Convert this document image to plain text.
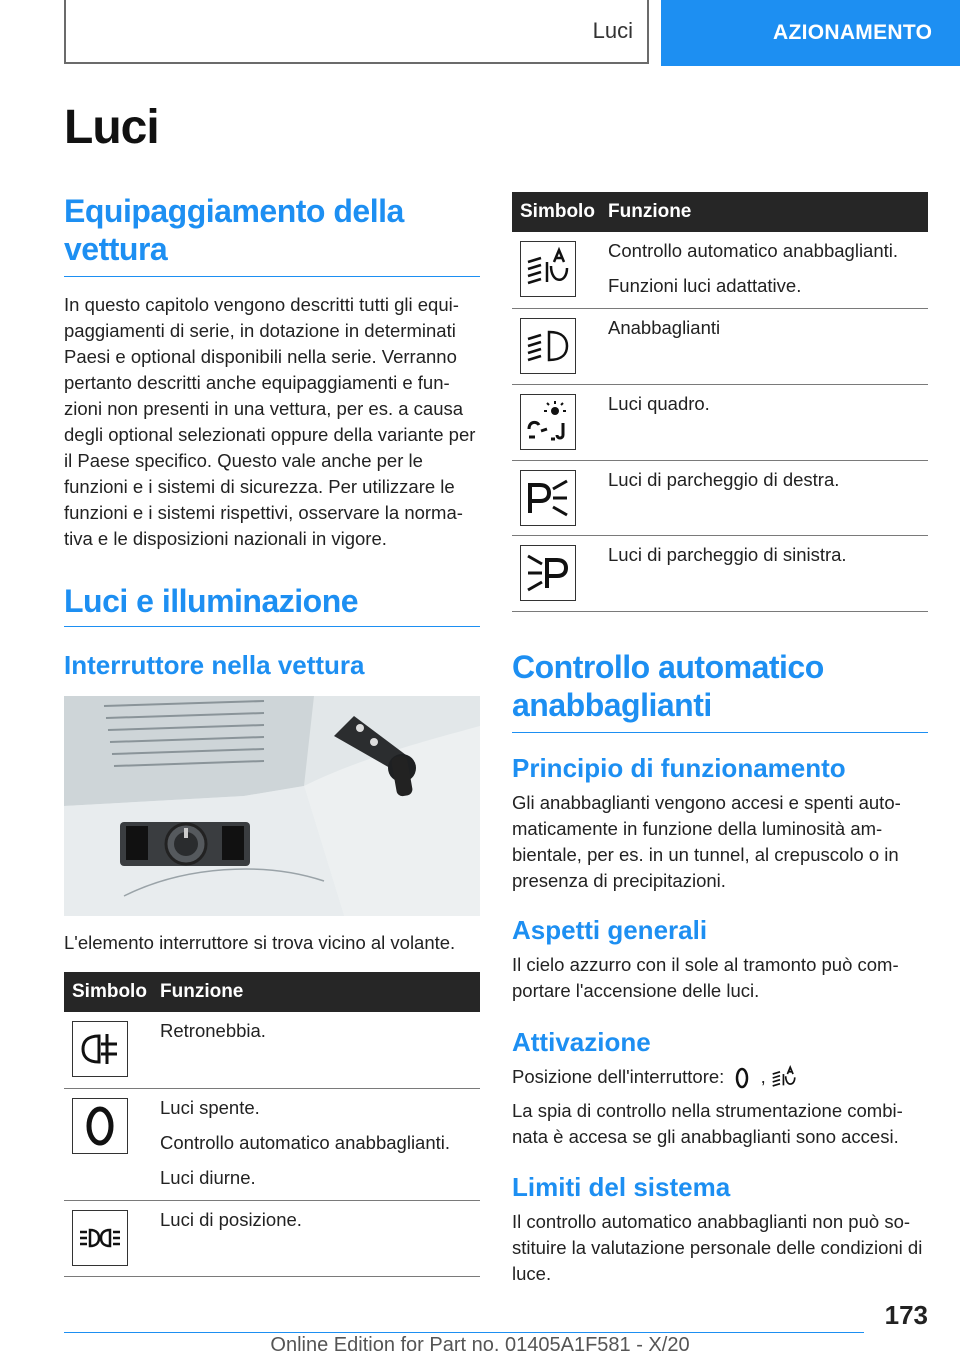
Luci	AZIONAMENTO
Luci
Equipaggiamento della vettura

In questo capitolo vengono descritti tutti gli equi-paggiamenti di serie, in dotazione in determinati Paesi e optional disponibili nella serie. Verranno pertanto descritti anche equipaggiamenti e fun-zioni non presenti in una vettura, per es. a causa degli optional selezionati oppure della variante per il Paese specifico. Questo vale anche per le funzioni e i sistemi di sicurezza. Per utilizzare le funzioni e i sistemi rispettivi, osservare la norma-tiva e le disposizioni nazionali in vigore.

Luci e illuminazione
Interruttore nella vettura

L'elemento interruttore si trova vicino al volante.

Simbolo	Funzione

Retronebbia.

Luci spente.
Controllo automatico anabbaglianti.
Luci diurne.

Luci di posizione.
Simbolo	Funzione

Controllo automatico anabbaglianti.
Funzioni luci adattative.

Anabbaglianti

Luci quadro.

Luci di parcheggio di destra.

Luci di parcheggio di sinistra.
Controllo automatico anabbaglianti
Principio di funzionamento

Gli anabbaglianti vengono accesi e spenti auto-maticamente in funzione della luminosità am-bientale, per es. in un tunnel, al crepuscolo o in presenza di precipitazioni.

Aspetti generali

Il cielo azzurro con il sole al tramonto può com-portare l'accensione delle luci.

Attivazione

Posizione dell'interruttore: ,

La spia di controllo nella strumentazione combi-nata è accesa se gli anabbaglianti sono accesi.

Limiti del sistema

Il controllo automatico anabbaglianti non può so-stituire la valutazione personale delle condizioni di luce.

173
Online Edition for Part no. 01405A1F581 - X/20
